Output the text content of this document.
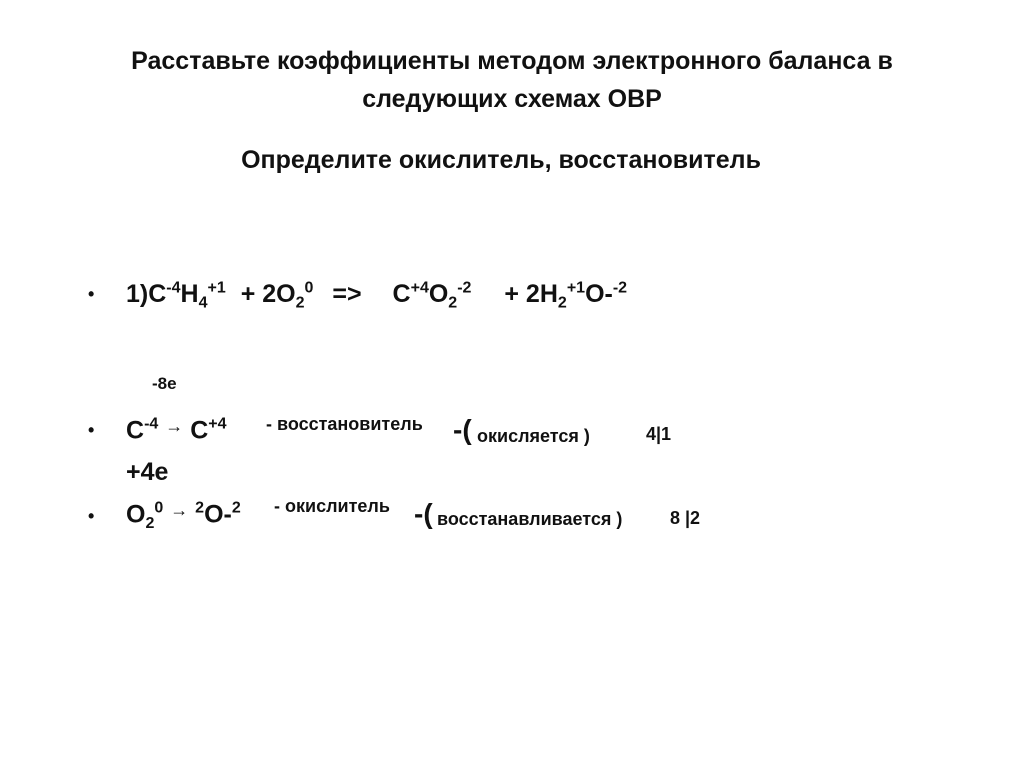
Расставьте коэффициенты методом электронного баланса в
следующих схемах ОВР
Определите окислитель, восстановитель
• $1)C^{-4}H_4^{+1} + 2O_2^0 => C^{+4}O_2^{-2} + 2H_2^{+1}O-^{-2}$
-8e
• $C^{-4}$ → $C^{+4}$ - восстановитель -( окисляется )	4|1
+4e
• $O_2^0$ → $^2$O-$^2$ - окислитель -( восстанавливается )	8 |2
